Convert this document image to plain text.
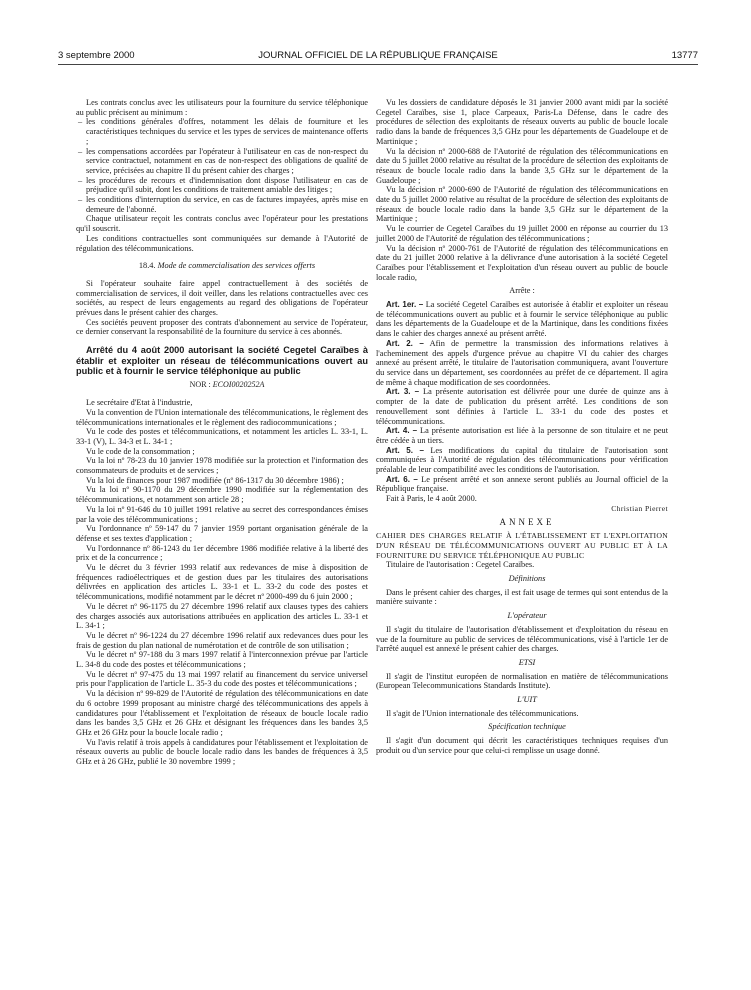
3 septembre 2000	JOURNAL OFFICIEL DE LA RÉPUBLIQUE FRANÇAISE	13777

Les contrats conclus avec les utilisateurs pour la fourniture du service téléphonique au public précisent au minimum :

– les conditions générales d'offres, notamment les délais de fourniture et les caractéristiques techniques du service et les types de services de maintenance offerts ;

– les compensations accordées par l'opérateur à l'utilisateur en cas de non-respect du service contractuel, notamment en cas de non-respect des obligations de qualité de service, précisées au chapitre II du présent cahier des charges ;

– les procédures de recours et d'indemnisation dont dispose l'utilisateur en cas de préjudice qu'il subit, dont les conditions de traitement amiable des litiges ;

– les conditions d'interruption du service, en cas de factures impayées, après mise en demeure de l'abonné.

Chaque utilisateur reçoit les contrats conclus avec l'opérateur pour les prestations qu'il souscrit.

Les conditions contractuelles sont communiquées sur demande à l'Autorité de régulation des télécommunications.

18.4. Mode de commercialisation des services offerts

Si l'opérateur souhaite faire appel contractuellement à des sociétés de commercialisation de services, il doit veiller, dans les relations contractuelles avec ces sociétés, au respect de leurs engagements au regard des obligations de l'opérateur prévues dans le présent cahier des charges.

Ces sociétés peuvent proposer des contrats d'abonnement au service de l'opérateur, ce dernier conservant la responsabilité de la fourniture du service à ces abonnés.

Arrêté du 4 août 2000 autorisant la société Cegetel Caraïbes à établir et exploiter un réseau de télécommunications ouvert au public et à fournir le service téléphonique au public

NOR : ECOI0020252A

Le secrétaire d'Etat à l'industrie,

Vu la convention de l'Union internationale des télécommunications, le règlement des télécommunications internationales et le règlement des radiocommunications ;

Vu le code des postes et télécommunications, et notamment les articles L. 33-1, L. 33-1 (V), L. 34-3 et L. 34-1 ;

Vu le code de la consommation ;

Vu la loi nº 78-23 du 10 janvier 1978 modifiée sur la protection et l'information des consommateurs de produits et de services ;

Vu la loi de finances pour 1987 modifiée (nº 86-1317 du 30 décembre 1986) ;

Vu la loi nº 90-1170 du 29 décembre 1990 modifiée sur la réglementation des télécommunications, et notamment son article 28 ;

Vu la loi nº 91-646 du 10 juillet 1991 relative au secret des correspondances émises par la voie des télécommunications ;

Vu l'ordonnance nº 59-147 du 7 janvier 1959 portant organisation générale de la défense et ses textes d'application ;

Vu l'ordonnance nº 86-1243 du 1er décembre 1986 modifiée relative à la liberté des prix et de la concurrence ;

Vu le décret du 3 février 1993 relatif aux redevances de mise à disposition de fréquences radioélectriques et de gestion dues par les titulaires des autorisations délivrées en application des articles L. 33-1 et L. 33-2 du code des postes et télécommunications, modifié notamment par le décret nº 2000-499 du 6 juin 2000 ;

Vu le décret nº 96-1175 du 27 décembre 1996 relatif aux clauses types des cahiers des charges associés aux autorisations attribuées en application des articles L. 33-1 et L. 34-1 ;

Vu le décret nº 96-1224 du 27 décembre 1996 relatif aux redevances dues pour les frais de gestion du plan national de numérotation et de contrôle de son utilisation ;

Vu le décret nº 97-188 du 3 mars 1997 relatif à l'interconnexion prévue par l'article L. 34-8 du code des postes et télécommunications ;

Vu le décret nº 97-475 du 13 mai 1997 relatif au financement du service universel pris pour l'application de l'article L. 35-3 du code des postes et télécommunications ;

Vu la décision nº 99-829 de l'Autorité de régulation des télécommunications en date du 6 octobre 1999 proposant au ministre chargé des télécommunications des appels à candidatures pour l'établissement et l'exploitation de réseaux de boucle locale radio dans les bandes 3,5 GHz et 26 GHz et désignant les fréquences dans les bandes 3,5 GHz et 26 GHz pour la boucle locale radio ;

Vu l'avis relatif à trois appels à candidatures pour l'établissement et l'exploitation de réseaux ouverts au public de boucle locale radio dans les bandes de fréquences à 3,5 GHz et à 26 GHz, publié le 30 novembre 1999 ;

Vu les dossiers de candidature déposés le 31 janvier 2000 avant midi par la société Cegetel Caraïbes, sise 1, place Carpeaux, Paris-La Défense, dans le cadre des procédures de sélection des exploitants de réseaux ouverts au public de boucle locale radio dans la bande de fréquences 3,5 GHz pour les départements de Guadeloupe et de Martinique ;

Vu la décision nº 2000-688 de l'Autorité de régulation des télécommunications en date du 5 juillet 2000 relative au résultat de la procédure de sélection des exploitants de réseaux de boucle locale radio dans la bande 3,5 GHz sur le département de la Guadeloupe ;

Vu la décision nº 2000-690 de l'Autorité de régulation des télécommunications en date du 5 juillet 2000 relative au résultat de la procédure de sélection des exploitants de réseaux de boucle locale radio dans la bande 3,5 GHz sur le département de la Martinique ;

Vu le courrier de Cegetel Caraïbes du 19 juillet 2000 en réponse au courrier du 13 juillet 2000 de l'Autorité de régulation des télécommunications ;

Vu la décision nº 2000-761 de l'Autorité de régulation des télécommunications en date du 21 juillet 2000 relative à la délivrance d'une autorisation à la société Cegetel Caraïbes pour l'établissement et l'exploitation d'un réseau ouvert au public de boucle locale radio,

Arrête :

Art. 1er. – La société Cegetel Caraïbes est autorisée à établir et exploiter un réseau de télécommunications ouvert au public et à fournir le service téléphonique au public dans les départements de la Guadeloupe et de la Martinique, dans les conditions fixées dans le cahier des charges annexé au présent arrêté.

Art. 2. – Afin de permettre la transmission des informations relatives à l'acheminement des appels d'urgence prévue au chapitre VI du cahier des charges annexé au présent arrêté, le titulaire de l'autorisation communiquera, avant l'ouverture du service dans un département, ses coordonnées au préfet de ce département. Il agira de même à chaque modification de ses coordonnées.

Art. 3. – La présente autorisation est délivrée pour une durée de quinze ans à compter de la date de publication du présent arrêté. Les conditions de son renouvellement sont définies à l'article L. 33-1 du code des postes et télécommunications.

Art. 4. – La présente autorisation est liée à la personne de son titulaire et ne peut être cédée à un tiers.

Art. 5. – Les modifications du capital du titulaire de l'autorisation sont communiquées à l'Autorité de régulation des télécommunications pour vérification préalable de leur compatibilité avec les conditions de l'autorisation.

Art. 6. – Le présent arrêté et son annexe seront publiés au Journal officiel de la République française.

Fait à Paris, le 4 août 2000.

Christian Pierret

ANNEXE

CAHIER DES CHARGES RELATIF À L'ÉTABLISSEMENT ET L'EXPLOITATION D'UN RÉSEAU DE TÉLÉCOMMUNICATIONS OUVERT AU PUBLIC ET À LA FOURNITURE DU SERVICE TÉLÉPHONIQUE AU PUBLIC

Titulaire de l'autorisation : Cegetel Caraïbes.

Définitions

Dans le présent cahier des charges, il est fait usage de termes qui sont entendus de la manière suivante :

L'opérateur

Il s'agit du titulaire de l'autorisation d'établissement et d'exploitation du réseau en vue de la fourniture au public de services de télécommunications, visé à l'article 1er de l'arrêté auquel est annexé le présent cahier des charges.

ETSI

Il s'agit de l'institut européen de normalisation en matière de télécommunications (European Telecommunications Standards Institute).

L'UIT

Il s'agit de l'Union internationale des télécommunications.

Spécification technique

Il s'agit d'un document qui décrit les caractéristiques techniques requises d'un produit ou d'un service pour que celui-ci remplisse un usage donné.
